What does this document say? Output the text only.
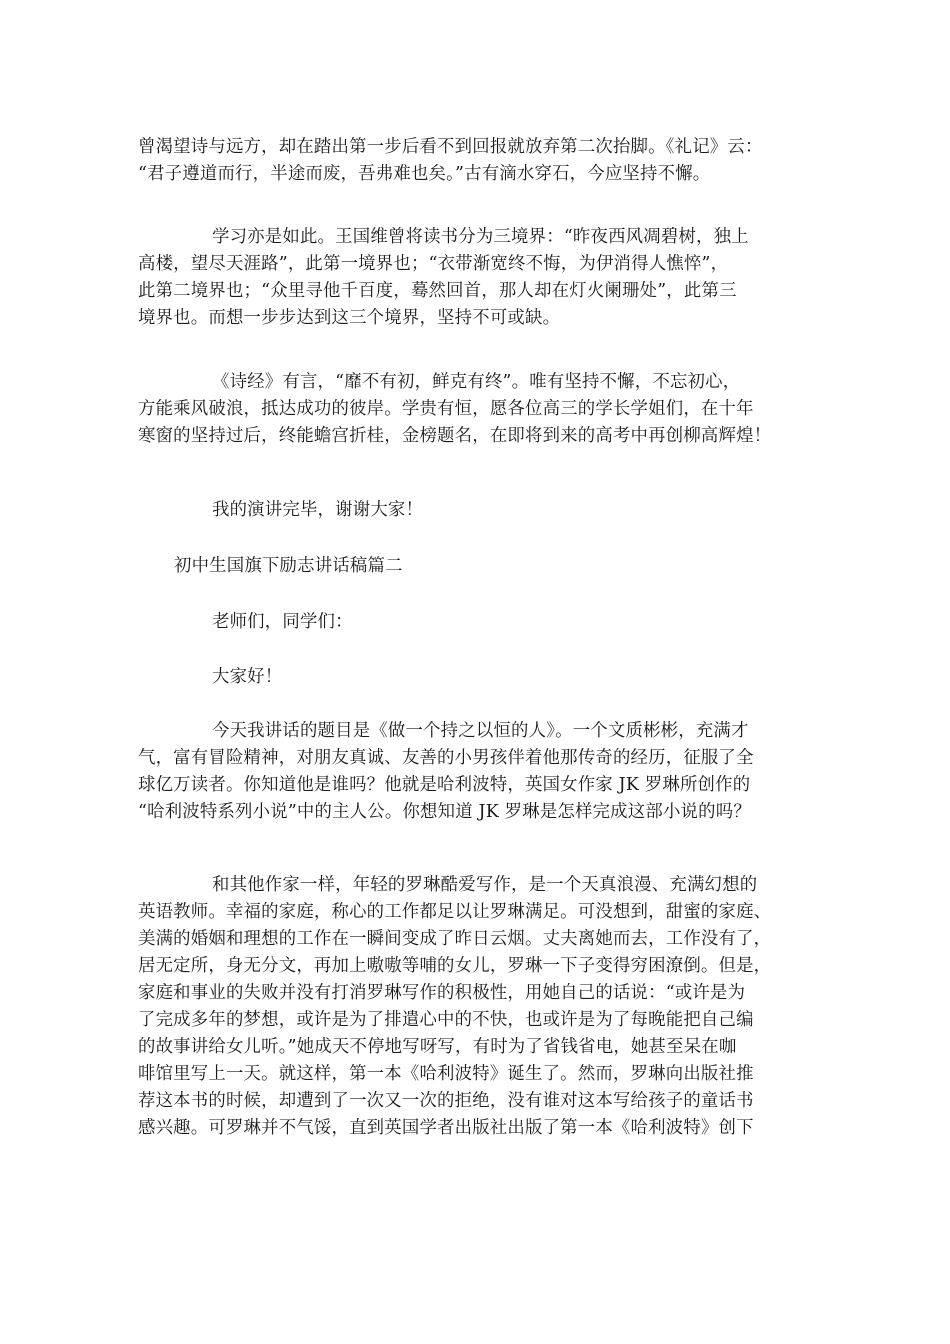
曾渴望诗与远方，却在踏出第一步后看不到回报就放弃第二次抬脚。《礼记》云：
“君子遵道而行，半途而废，吾弗难也矣。”古有滴水穿石，今应坚持不懈。

学习亦是如此。王国维曾将读书分为三境界：“昨夜西风凋碧树，独上
高楼，望尽天涯路”，此第一境界也；“衣带渐宽终不悔，为伊消得人憔悴”，
此第二境界也；“众里寻他千百度，蓦然回首，那人却在灯火阑珊处”，此第三
境界也。而想一步步达到这三个境界，坚持不可或缺。

《诗经》有言，“靡不有初，鲜克有终”。唯有坚持不懈，不忘初心，
方能乘风破浪，抵达成功的彼岸。学贵有恒，愿各位高三的学长学姐们，在十年
寒窗的坚持过后，终能蟾宫折桂，金榜题名，在即将到来的高考中再创柳高辉煌！

我的演讲完毕，谢谢大家！

初中生国旗下励志讲话稿篇二

老师们，同学们：

大家好！

今天我讲话的题目是《做一个持之以恒的人》。一个文质彬彬，充满才
气，富有冒险精神，对朋友真诚、友善的小男孩伴着他那传奇的经历，征服了全
球亿万读者。你知道他是谁吗？他就是哈利波特，英国女作家 JK 罗琳所创作的
“哈利波特系列小说”中的主人公。你想知道 JK 罗琳是怎样完成这部小说的吗？

和其他作家一样，年轻的罗琳酷爱写作，是一个天真浪漫、充满幻想的
英语教师。幸福的家庭，称心的工作都足以让罗琳满足。可没想到，甜蜜的家庭、
美满的婚姻和理想的工作在一瞬间变成了昨日云烟。丈夫离她而去，工作没有了，
居无定所，身无分文，再加上嗷嗷等哺的女儿，罗琳一下子变得穷困潦倒。但是，
家庭和事业的失败并没有打消罗琳写作的积极性，用她自己的话说：“或许是为
了完成多年的梦想，或许是为了排遣心中的不快，也或许是为了每晚能把自己编
的故事讲给女儿听。”她成天不停地写呀写，有时为了省钱省电，她甚至呆在咖
啡馆里写上一天。就这样，第一本《哈利波特》诞生了。然而，罗琳向出版社推
荐这本书的时候，却遭到了一次又一次的拒绝，没有谁对这本写给孩子的童话书
感兴趣。可罗琳并不气馁，直到英国学者出版社出版了第一本《哈利波特》创下
